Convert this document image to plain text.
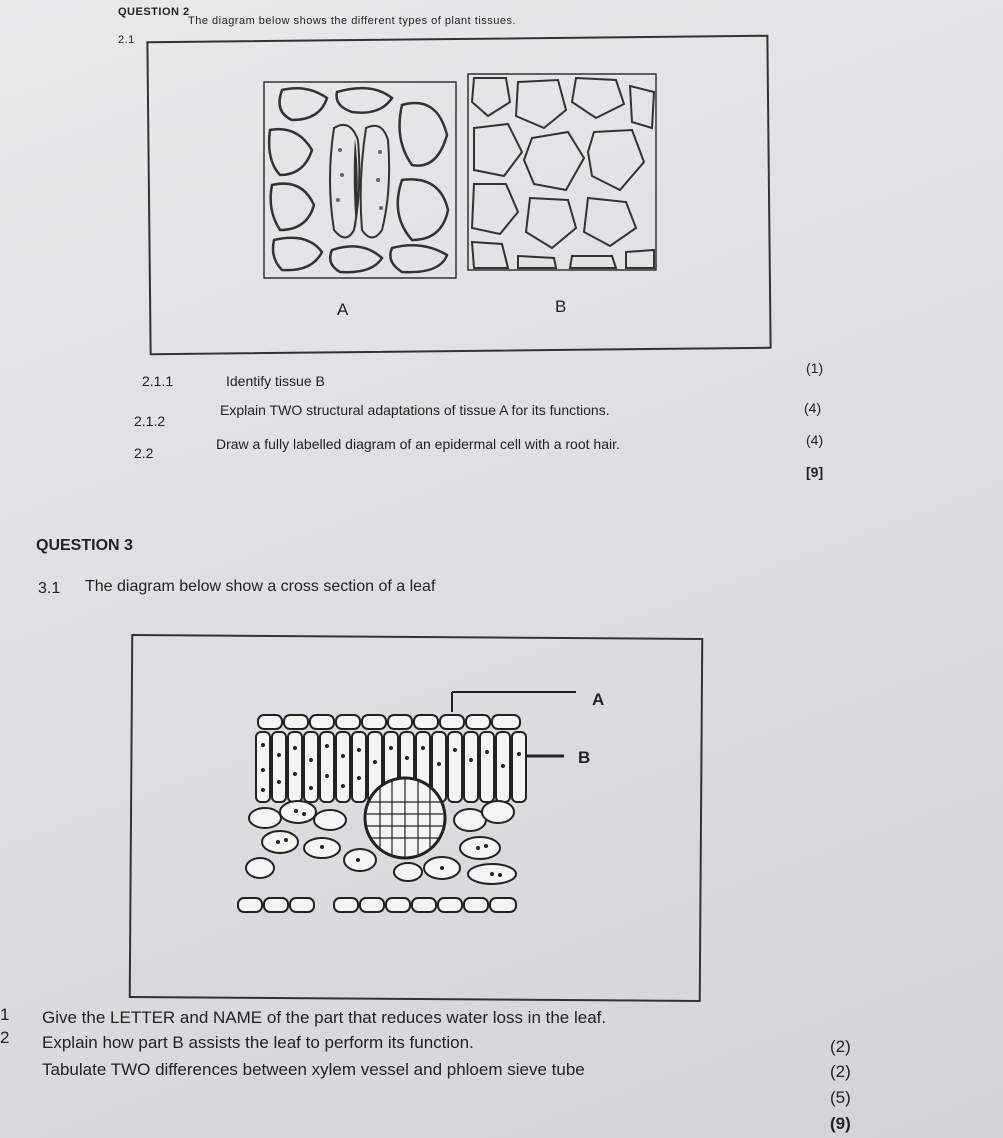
QUESTION 2
2.1
The diagram below shows the different types of plant tissues.
A	B
2.1.1	Identify tissue B
(1)
2.1.2
Explain TWO structural adaptations of tissue A for its functions.	(4)
2.2
Draw a fully labelled diagram of an epidermal cell with a root hair.	(4)
[9]
QUESTION 3
3.1 The diagram below show a cross section of a leaf
A
B
1 Give the LETTER and NAME of the part that reduces water loss in the leaf.
(2)
2 Explain how part B assists the leaf to perform its function.
(2)
Tabulate TWO differences between xylem vessel and phloem sieve tube
(5)
(9)
